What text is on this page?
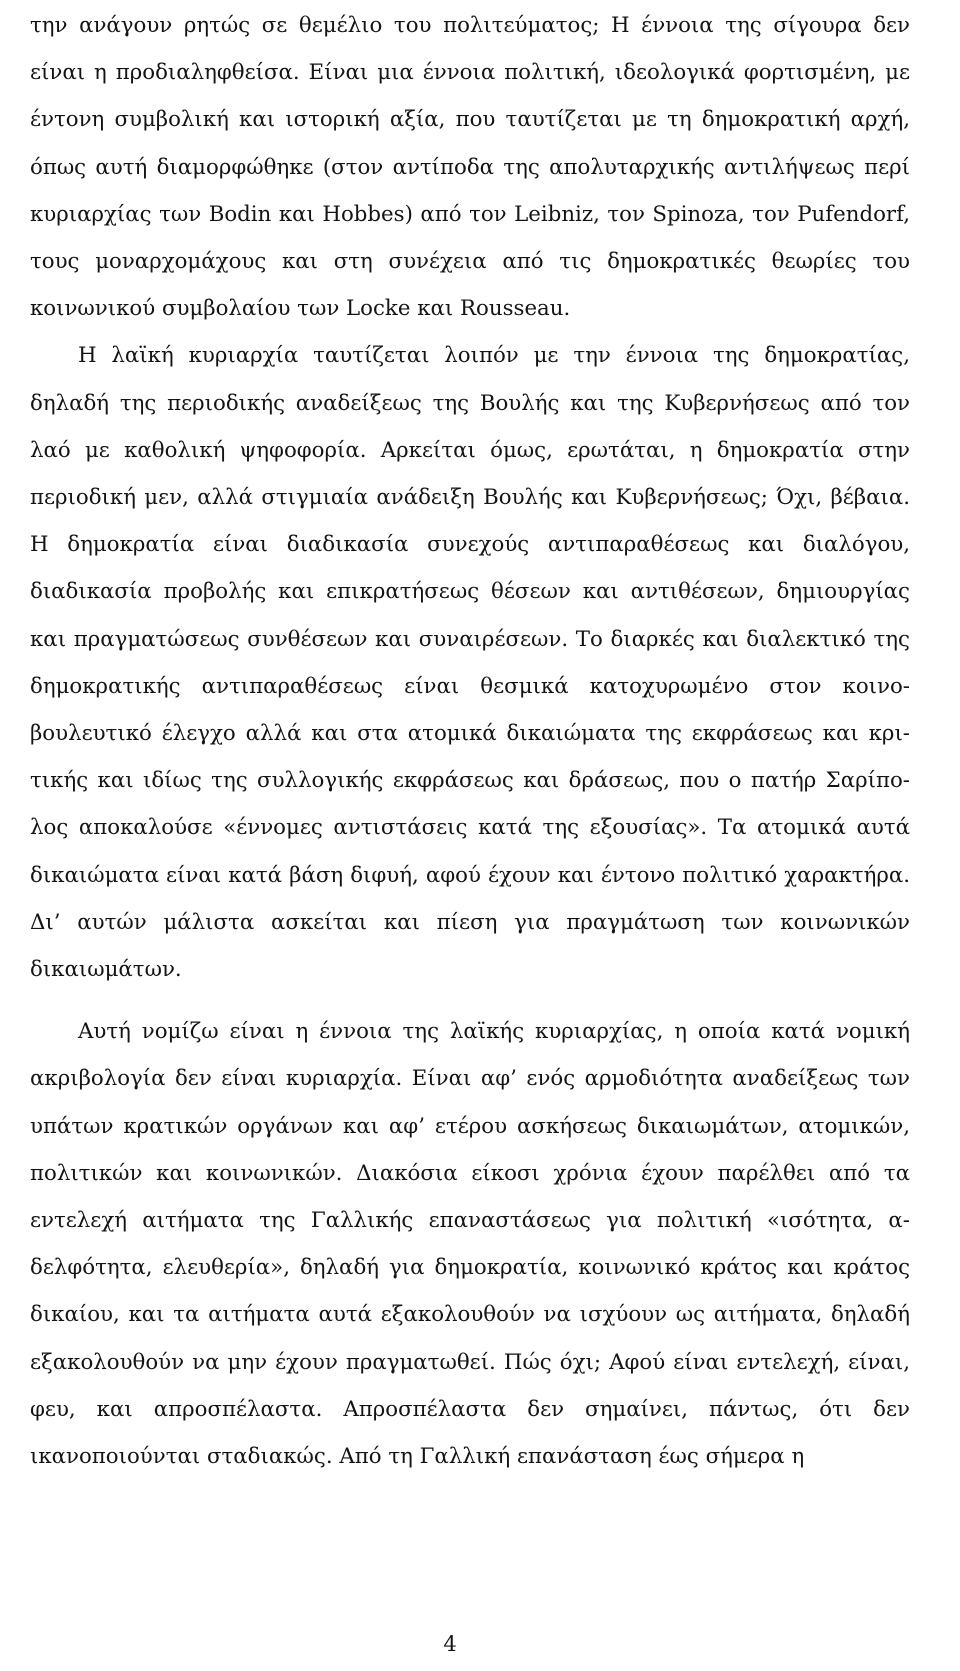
την ανάγουν ρητώς σε θεμέλιο του πολιτεύματος; Η έννοια της σίγουρα δεν είναι η προδιαληφθείσα. Είναι μια έννοια πολιτική, ιδεολογικά φορτισμένη, με έντονη συμβολική και ιστορική αξία, που ταυτίζεται με τη δημοκρατική αρχή, όπως αυτή διαμορφώθηκε (στον αντίποδα της απολυταρχικής αντιλήψεως περί κυριαρχίας των Bodin και Hobbes) από τον Leibniz, τον Spinoza, τον Pufendorf, τους μοναρχομάχους και στη συνέχεια από τις δημοκρατικές θεωρίες του κοινωνικού συμβολαίου των Locke και Rousseau.

Η λαϊκή κυριαρχία ταυτίζεται λοιπόν με την έννοια της δημοκρατίας, δηλαδή της περιοδικής αναδείξεως της Βουλής και της Κυβερνήσεως από τον λαό με καθολική ψηφοφορία. Αρκείται όμως, ερωτάται, η δημοκρατία στην περιοδική μεν, αλλά στιγμιαία ανάδειξη Βουλής και Κυβερνήσεως; Όχι, βέβαια. Η δημοκρατία είναι διαδικασία συνεχούς αντιπαραθέσεως και διαλόγου, διαδικασία προβολής και επικρατήσεως θέσεων και αντιθέσεων, δημιουργίας και πραγματώσεως συνθέσεων και συναιρέσεων. Το διαρκές και διαλεκτικό της δημοκρατικής αντιπαραθέσεως είναι θεσμικά κατοχυρωμένο στον κοινοβουλευτικό έλεγχο αλλά και στα ατομικά δικαιώματα της εκφράσεως και κριτικής και ιδίως της συλλογικής εκφράσεως και δράσεως, που ο πατήρ Σαρίπολος αποκαλούσε «έννομες αντιστάσεις κατά της εξουσίας». Τα ατομικά αυτά δικαιώματα είναι κατά βάση διφυή, αφού έχουν και έντονο πολιτικό χαρακτήρα. Δι’ αυτών μάλιστα ασκείται και πίεση για πραγμάτωση των κοινωνικών δικαιωμάτων.

Αυτή νομίζω είναι η έννοια της λαϊκής κυριαρχίας, η οποία κατά νομική ακριβολογία δεν είναι κυριαρχία. Είναι αφ’ ενός αρμοδιότητα αναδείξεως των υπάτων κρατικών οργάνων και αφ’ ετέρου ασκήσεως δικαιωμάτων, ατομικών, πολιτικών και κοινωνικών. Διακόσια είκοσι χρόνια έχουν παρέλθει από τα εντελεχή αιτήματα της Γαλλικής επαναστάσεως για πολιτική «ισότητα, αδελφότητα, ελευθερία», δηλαδή για δημοκρατία, κοινωνικό κράτος και κράτος δικαίου, και τα αιτήματα αυτά εξακολουθούν να ισχύουν ως αιτήματα, δηλαδή εξακολουθούν να μην έχουν πραγματωθεί. Πώς όχι; Αφού είναι εντελεχή, είναι, φευ, και απροσπέλαστα. Απροσπέλαστα δεν σημαίνει, πάντως, ότι δεν ικανοποιούνται σταδιακώς. Από τη Γαλλική επανάσταση έως σήμερα η

4
